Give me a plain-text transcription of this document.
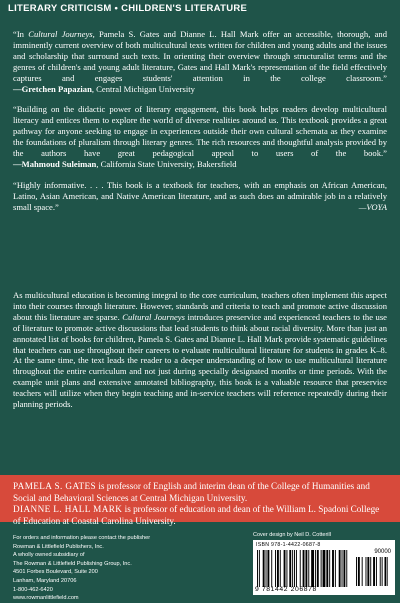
LITERARY CRITICISM • CHILDREN'S LITERATURE

“In Cultural Journeys, Pamela S. Gates and Dianne L. Hall Mark offer an accessible, thorough, and imminently current overview of both multicultural texts written for children and young adults and the issues and scholarship that surround such texts. In orienting their overview through structuralist terms and the genres of children's and young adult literature, Gates and Hall Mark's representation of the field effectively captures and engages students' attention in the college classroom.” —Gretchen Papazian, Central Michigan University

“Building on the didactic power of literary engagement, this book helps readers develop multicultural literacy and entices them to explore the world of diverse realities around us. This textbook provides a great pathway for anyone seeking to engage in experiences outside their own cultural schemata as they examine the foundations of pluralism through literary genres. The rich resources and thoughtful analysis provided by the authors have great pedagogical appeal to users of the book.” —Mahmoud Suleiman, California State University, Bakersfield

“Highly informative. . . . This book is a textbook for teachers, with an emphasis on African American, Latino, Asian American, and Native American literature, and as such does an admirable job in a relatively small space.”	—VOYA

As multicultural education is becoming integral to the core curriculum, teachers often implement this aspect into their courses through literature. However, standards and criteria to teach and promote active discussion about this literature are sparse. Cultural Journeys introduces preservice and experienced teachers to the use of literature to promote active discussions that lead students to think about racial diversity. More than just an annotated list of books for children, Pamela S. Gates and Dianne L. Hall Mark provide systematic guidelines that teachers can use throughout their careers to evaluate multicultural literature for students in grades K–8. At the same time, the text leads the reader to a deeper understanding of how to use multicultural literature throughout the entire curriculum and not just during specially designated months or time periods. With the example unit plans and extensive annotated bibliography, this book is a valuable resource that preservice teachers will utilize when they begin teaching and in-service teachers will reference repeatedly during their planning periods.

PAMELA S. GATES is professor of English and interim dean of the College of Humanities and Social and Behavioral Sciences at Central Michigan University.

DIANNE L. HALL MARK is professor of education and dean of the William L. Spadoni College of Education at Coastal Carolina University.

For orders and information please contact the publisher
Rowman & Littlefield Publishers, Inc.
A wholly owned subsidiary of
The Rowman & Littlefield Publishing Group, Inc.
4501 Forbes Boulevard, Suite 200
Lanham, Maryland 20706
1-800-462-6420
www.rowmanlittlefield.com
Cover design by Neil D. Cotterill
ISBN 978-1-4422-0687-8
90000
9 781442 206878
